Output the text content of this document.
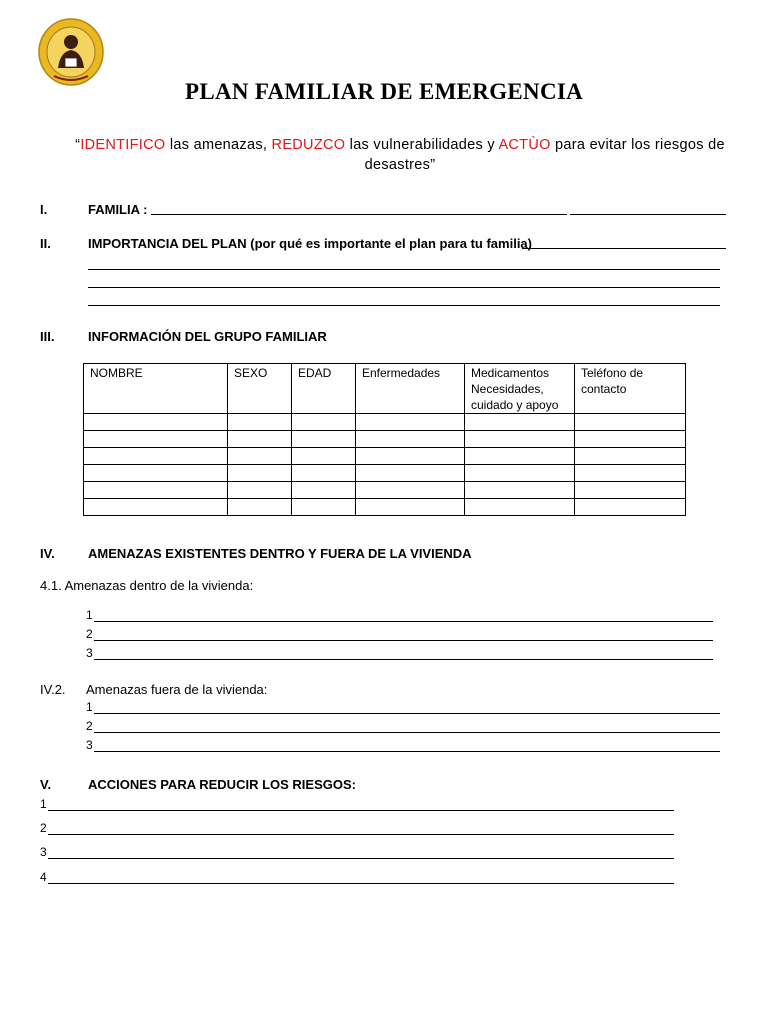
PLAN FAMILIAR DE EMERGENCIA
“IDENTIFICO las amenazas, REDUZCO las vulnerabilidades y ACTÙO para evitar los riesgos de desastres”
I.	FAMILIA :
II.	IMPORTANCIA DEL PLAN (por qué es importante el plan para tu familia)
III.	INFORMACIÓN DEL GRUPO FAMILIAR
NOMBRE	SEXO	EDAD	Enfermedades	Medicamentos Necesidades, cuidado y apoyo	Teléfono de contacto

IV.	AMENAZAS EXISTENTES DENTRO Y FUERA DE LA VIVIENDA
4.1. Amenazas dentro de la vivienda:
1
2
3
IV.2. Amenazas fuera de la vivienda:
1
2
3
V.	ACCIONES PARA REDUCIR LOS RIESGOS:
1
2
3
4
